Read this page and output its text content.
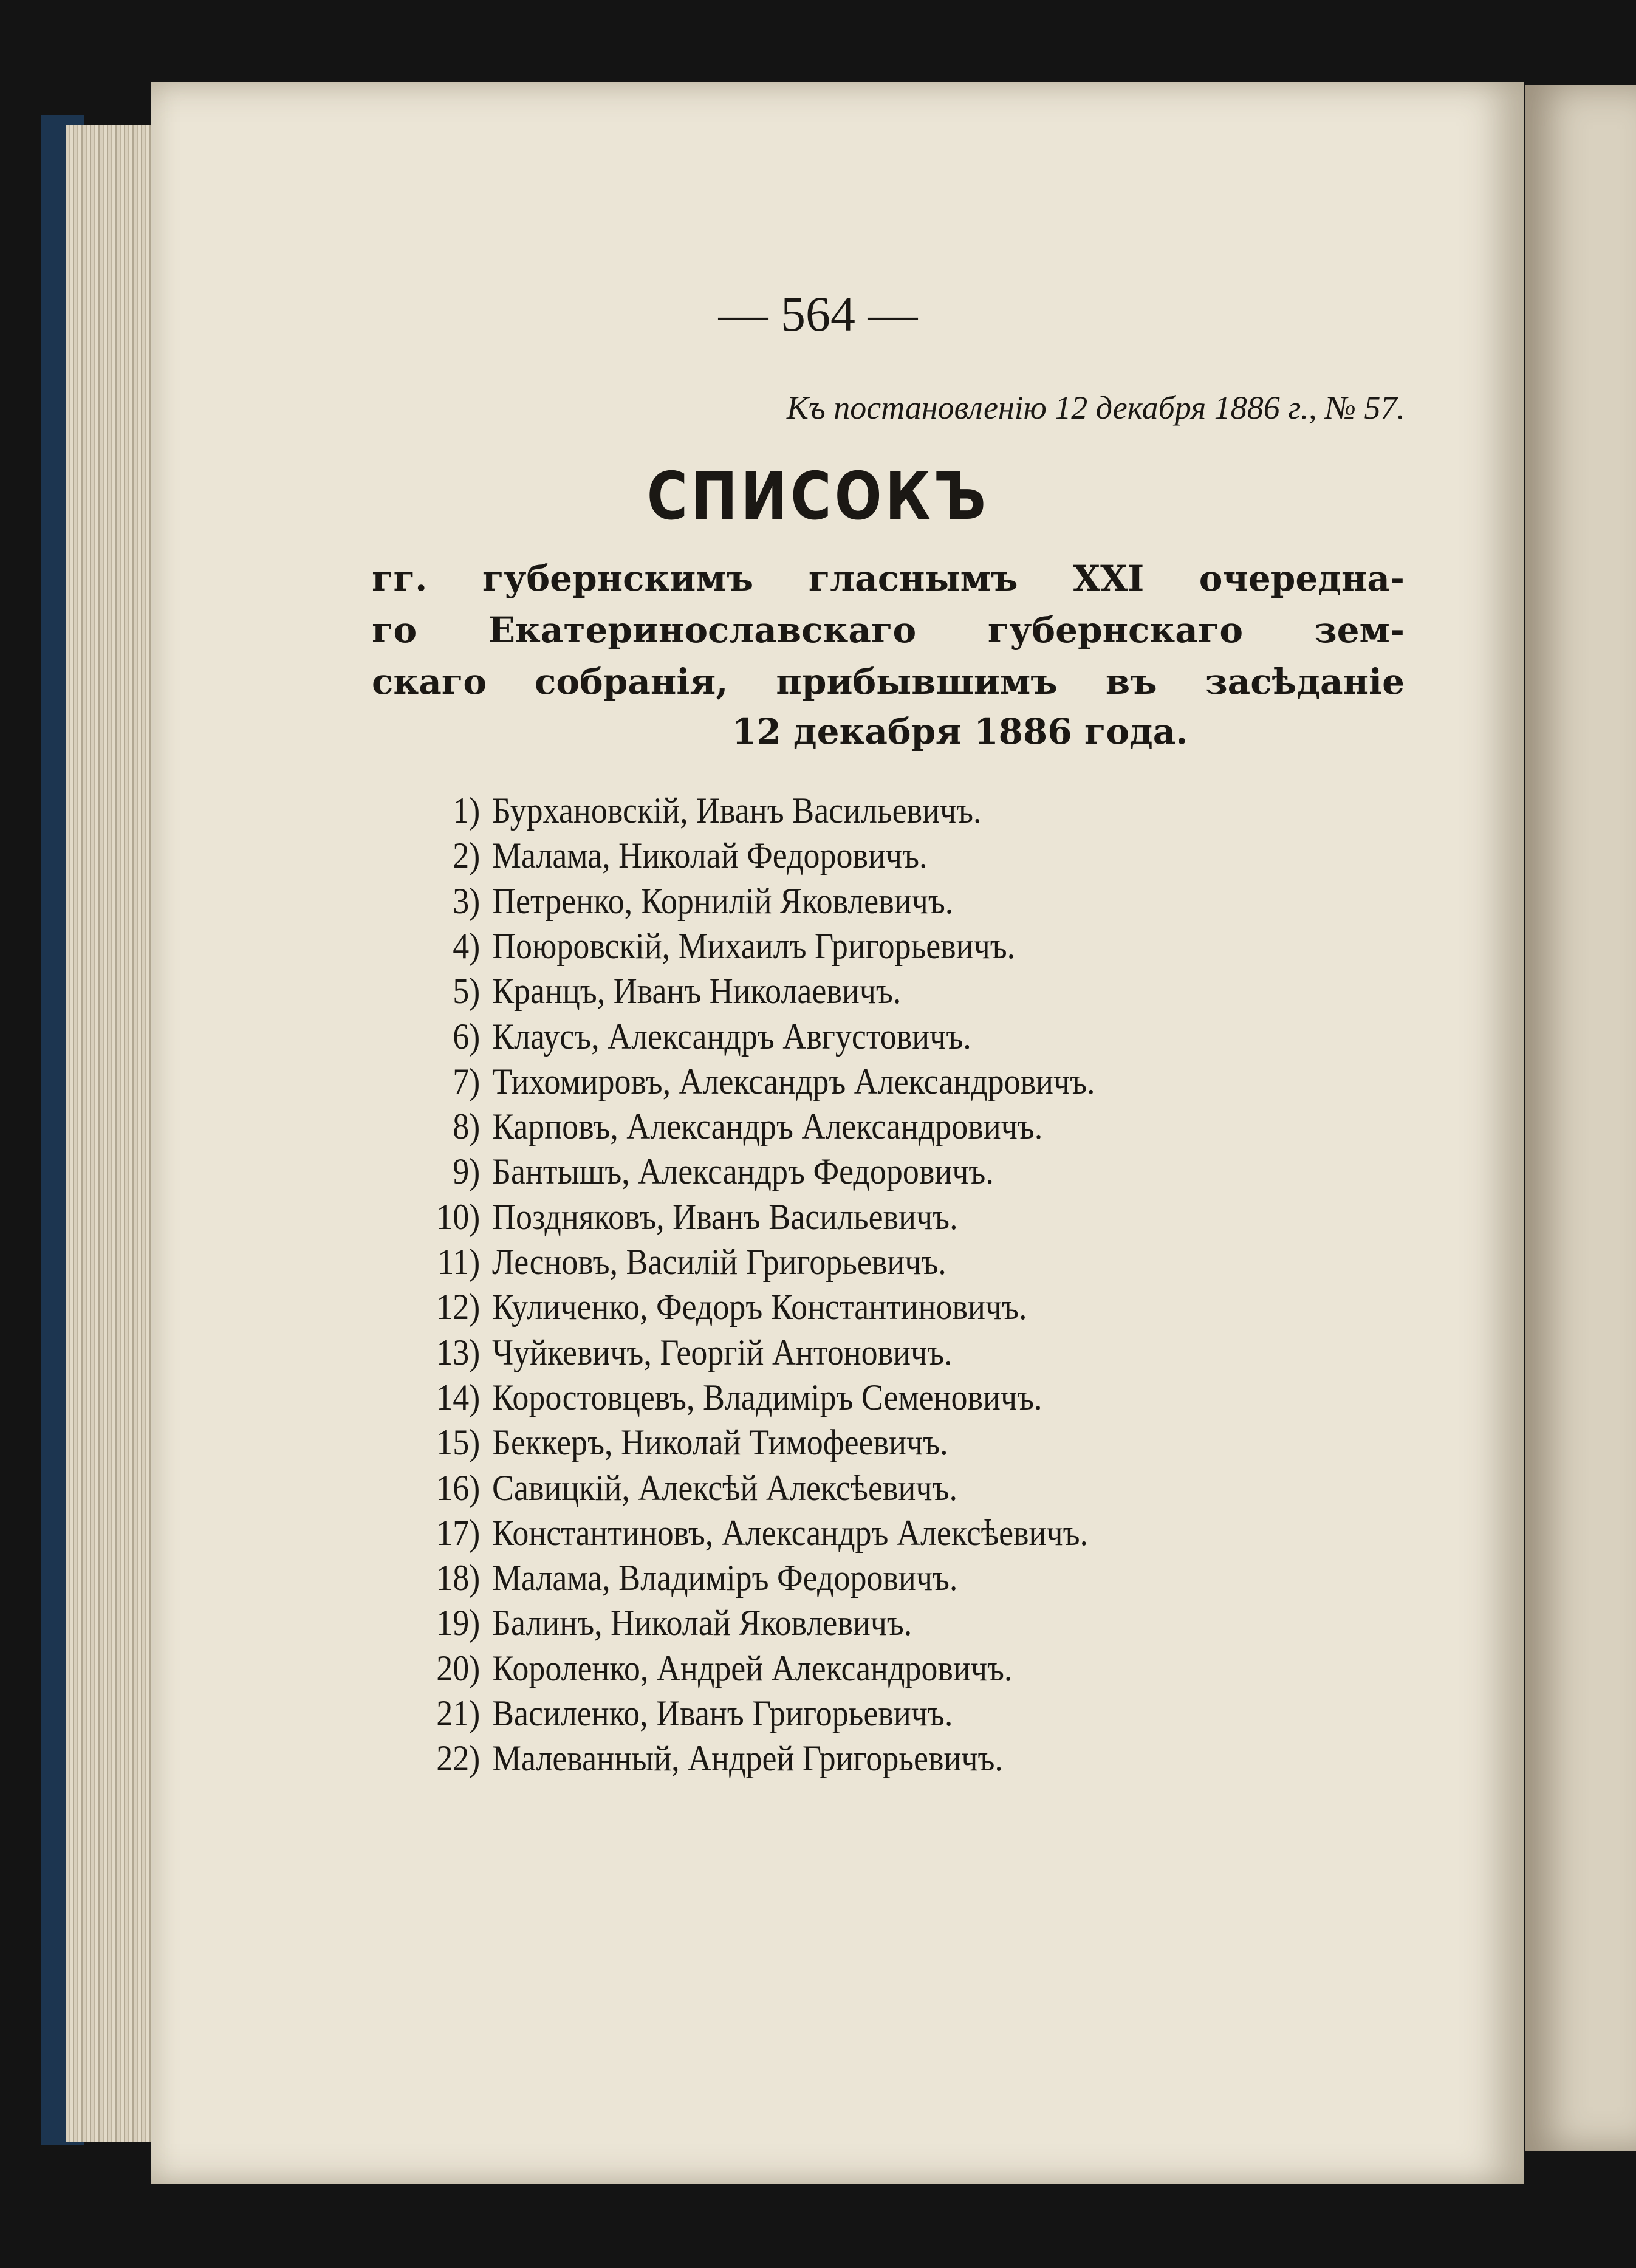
— 564 —
Къ постановленію 12 декабря 1886 г., № 57.
СПИСОКЪ
гг. губернскимъ гласнымъ XXI очередна-
го Екатеринославскаго губернскаго зем-
скаго собранія, прибывшимъ въ засѣданіе
12 декабря 1886 года.
1) Бурхановскій, Иванъ Васильевичъ.
2) Малама, Николай Федоровичъ.
3) Петренко, Корнилій Яковлевичъ.
4) Поюровскій, Михаилъ Григорьевичъ.
5) Кранцъ, Иванъ Николаевичъ.
6) Клаусъ, Александръ Августовичъ.
7) Тихомировъ, Александръ Александровичъ.
8) Карповъ, Александръ Александровичъ.
9) Бантышъ, Александръ Федоровичъ.
10) Поздняковъ, Иванъ Васильевичъ.
11) Лесновъ, Василій Григорьевичъ.
12) Куличенко, Федоръ Константиновичъ.
13) Чуйкевичъ, Георгій Антоновичъ.
14) Коростовцевъ, Владиміръ Семеновичъ.
15) Беккеръ, Николай Тимофеевичъ.
16) Савицкій, Алексѣй Алексѣевичъ.
17) Константиновъ, Александръ Алексѣевичъ.
18) Малама, Владиміръ Федоровичъ.
19) Балинъ, Николай Яковлевичъ.
20) Короленко, Андрей Александровичъ.
21) Василенко, Иванъ Григорьевичъ.
22) Малеванный, Андрей Григорьевичъ.
